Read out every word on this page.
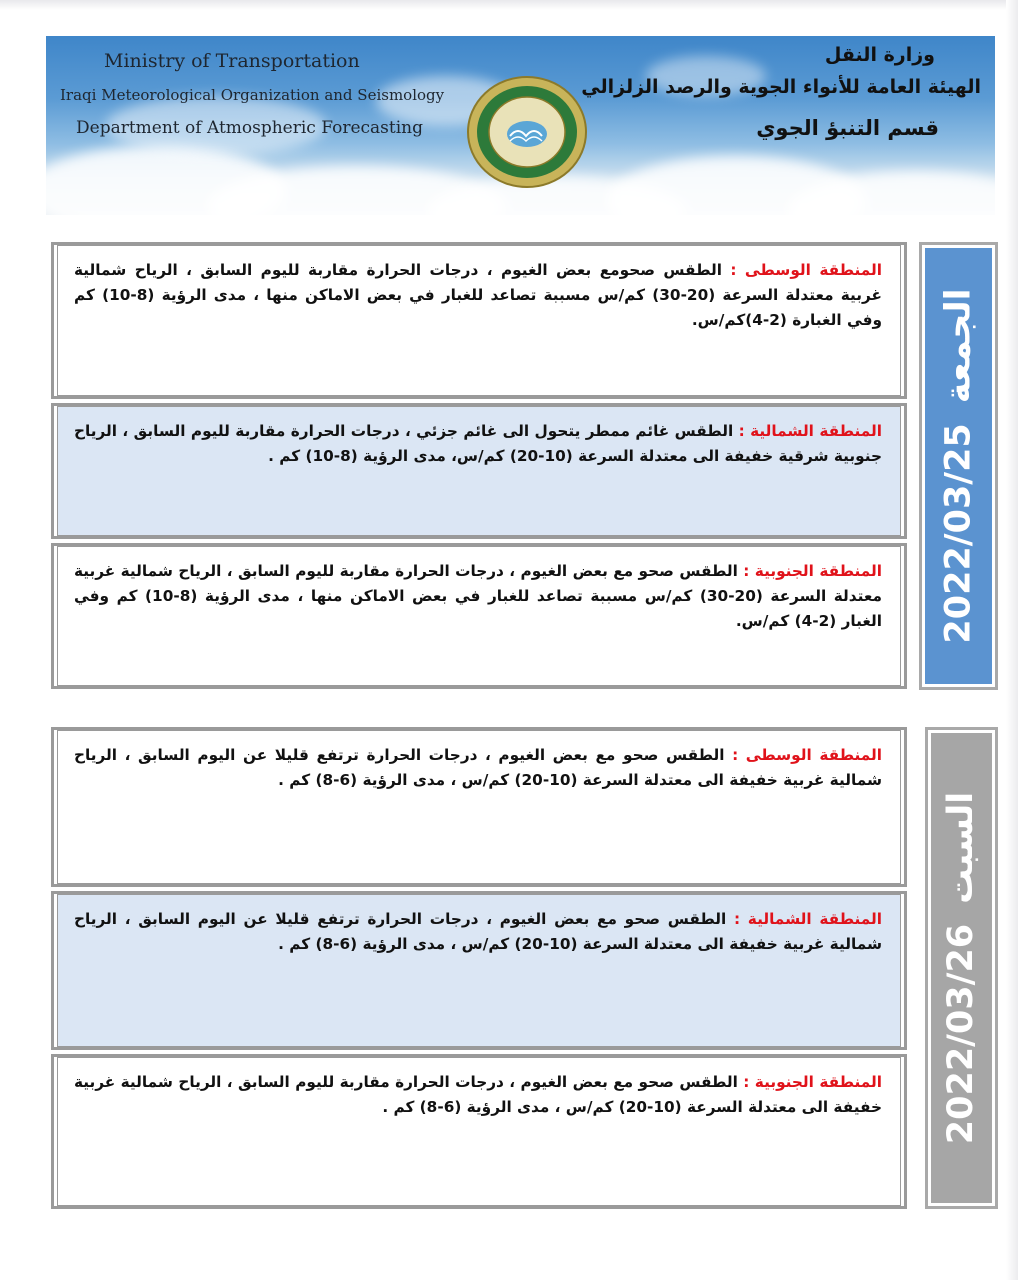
Ministry of Transportation
Iraqi Meteorological Organization and Seismology
Department of Atmospheric Forecasting
وزارة النقل
الهيئة العامة للأنواء الجوية والرصد الزلزالي
قسم التنبؤ الجوي
المنطقة الوسطى : الطقس صحومع بعض الغيوم ، درجات الحرارة مقاربة لليوم السابق ، الرياح شمالية غربية معتدلة السرعة (20-30) كم/س مسببة تصاعد للغبار في بعض الاماكن منها ، مدى الرؤية (8-10) كم وفي الغبارة (2-4)كم/س.
المنطقة الشمالية : الطقس غائم ممطر يتحول الى غائم جزئي ، درجات الحرارة مقاربة لليوم السابق ، الرياح جنوبية شرقية خفيفة الى معتدلة السرعة (10-20) كم/س، مدى الرؤية (8-10) كم .
المنطقة الجنوبية : الطقس صحو مع بعض الغيوم ، درجات الحرارة مقاربة لليوم السابق ، الرياح شمالية غربية معتدلة السرعة (20-30) كم/س مسببة تصاعد للغبار في بعض الاماكن منها ، مدى الرؤية (8-10) كم وفي الغبار (2-4) كم/س.	2022/03/25
الجمعة
المنطقة الوسطى : الطقس صحو مع بعض الغيوم ، درجات الحرارة ترتفع قليلا عن اليوم السابق ، الرياح شمالية غربية خفيفة الى معتدلة السرعة (10-20) كم/س ، مدى الرؤية (6-8) كم .
المنطقة الشمالية : الطقس صحو مع بعض الغيوم ، درجات الحرارة ترتفع قليلا عن اليوم السابق ، الرياح شمالية غربية خفيفة الى معتدلة السرعة (10-20) كم/س ، مدى الرؤية (6-8) كم .
المنطقة الجنوبية : الطقس صحو مع بعض الغيوم ، درجات الحرارة مقاربة لليوم السابق ، الرياح شمالية غربية خفيفة الى معتدلة السرعة (10-20) كم/س ، مدى الرؤية (6-8) كم .	2022/03/26
السبت
